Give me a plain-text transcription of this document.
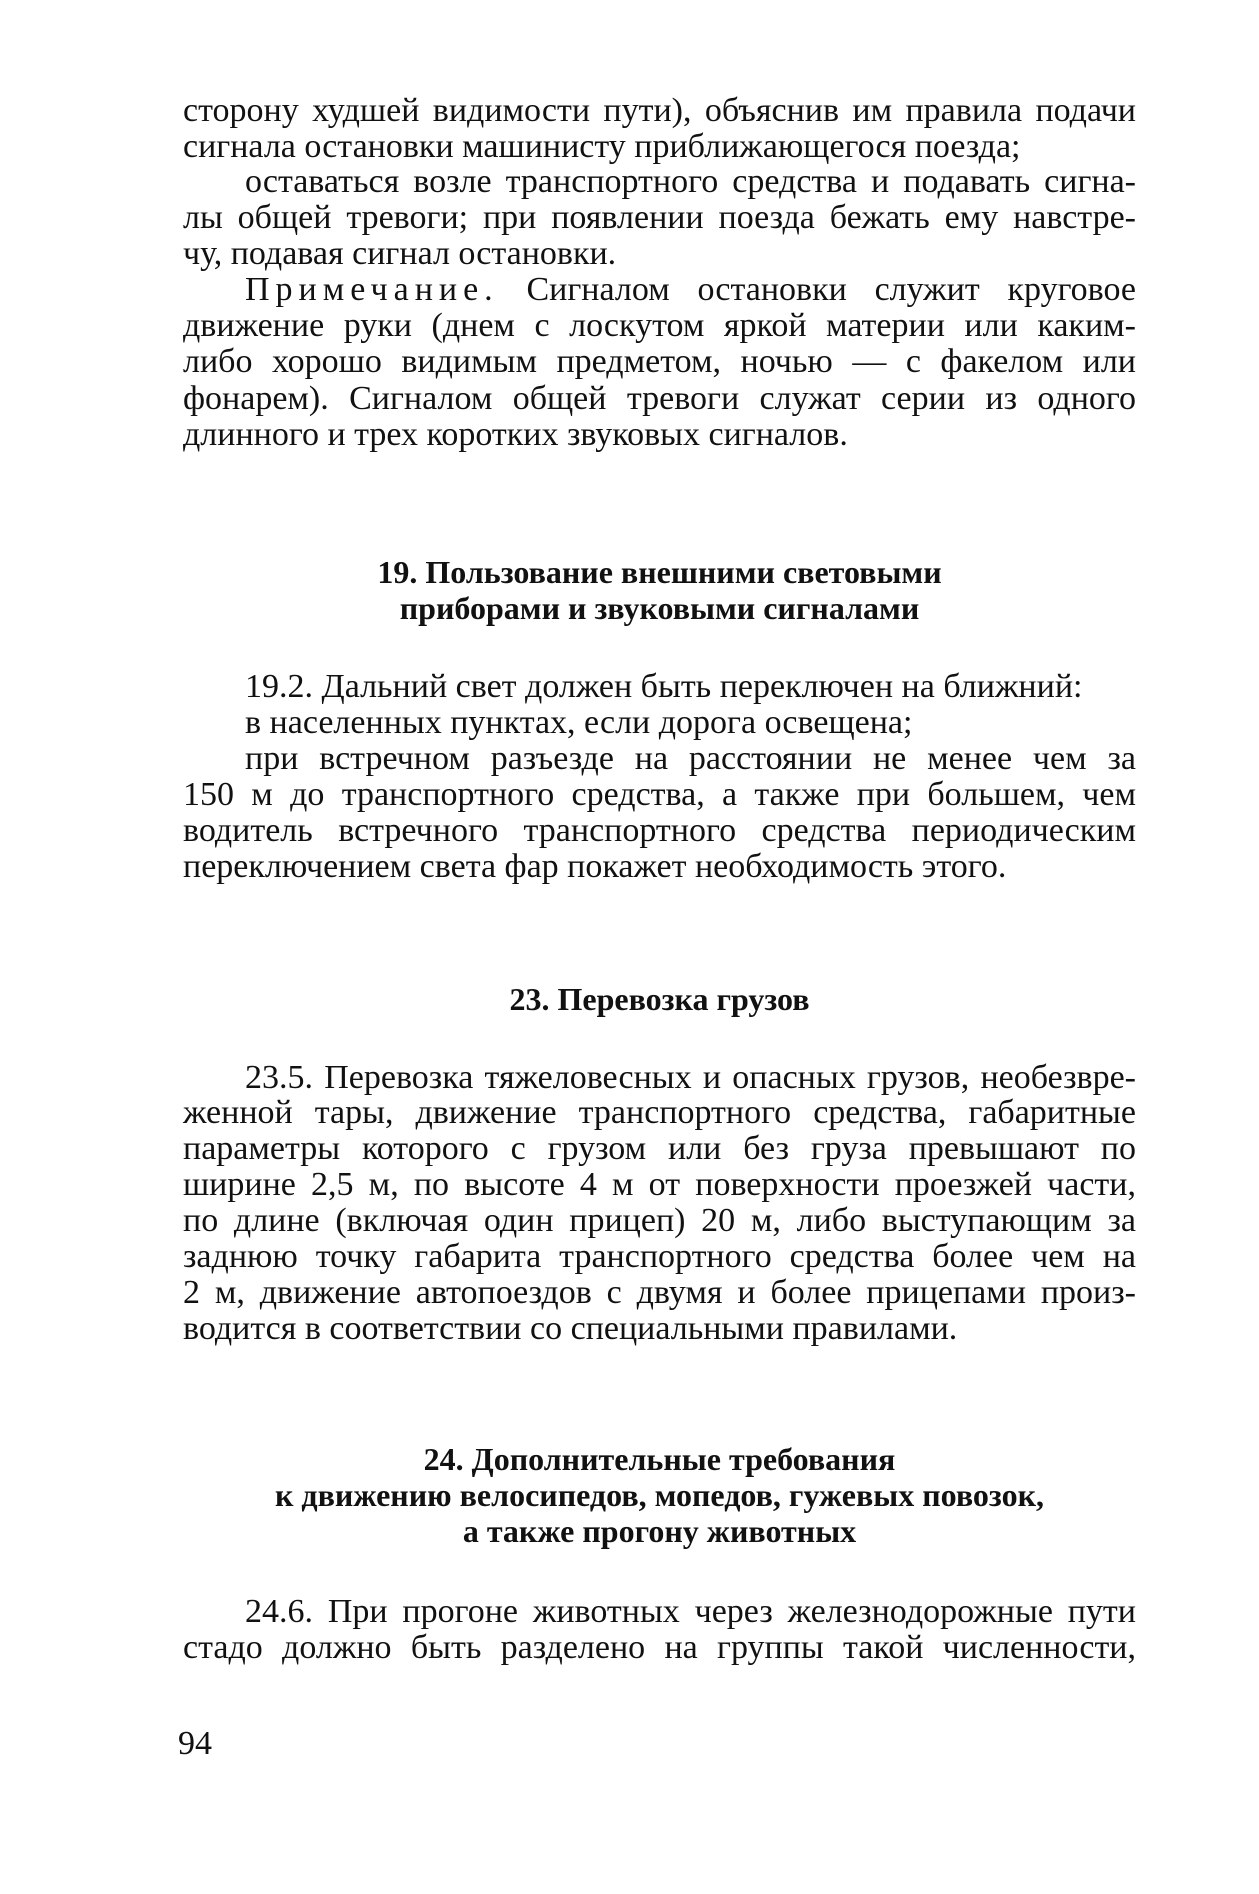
сторону худшей видимости пути), объяснив им правила подачи
сигнала остановки машинисту приближающегося поезда;
оставаться возле транспортного средства и подавать сигна-
лы общей тревоги; при появлении поезда бежать ему навстре-
чу, подавая сигнал остановки.
Примечание. Сигналом остановки служит круговое
движение руки (днем с лоскутом яркой материи или каким-
либо хорошо видимым предметом, ночью — с факелом или
фонарем). Сигналом общей тревоги служат серии из одного
длинного и трех коротких звуковых сигналов.
19. Пользование внешними световыми
приборами и звуковыми сигналами
19.2. Дальний свет должен быть переключен на ближний:
в населенных пунктах, если дорога освещена;
при встречном разъезде на расстоянии не менее чем за
150 м до транспортного средства, а также при большем, чем
водитель встречного транспортного средства периодическим
переключением света фар покажет необходимость этого.
23. Перевозка грузов
23.5. Перевозка тяжеловесных и опасных грузов, необезвре-
женной тары, движение транспортного средства, габаритные
параметры которого с грузом или без груза превышают по
ширине 2,5 м, по высоте 4 м от поверхности проезжей части,
по длине (включая один прицеп) 20 м, либо выступающим за
заднюю точку габарита транспортного средства более чем на
2 м, движение автопоездов с двумя и более прицепами произ-
водится в соответствии со специальными правилами.
24. Дополнительные требования
к движению велосипедов, мопедов, гужевых повозок,
а также прогону животных
24.6. При прогоне животных через железнодорожные пути
стадо должно быть разделено на группы такой численности,
94
